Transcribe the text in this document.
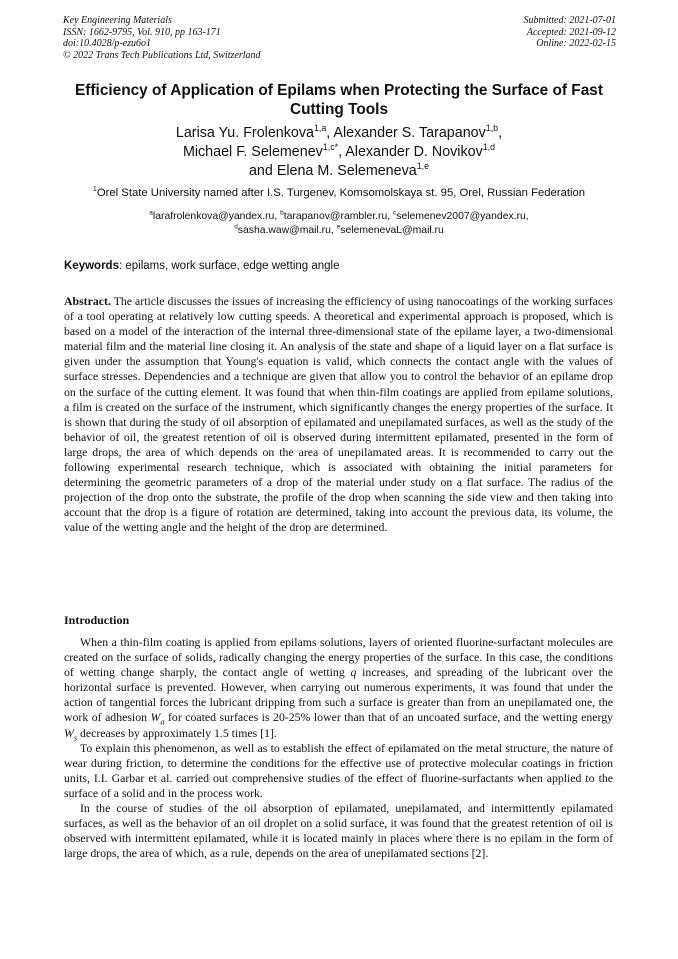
Key Engineering Materials
ISSN: 1662-9795, Vol. 910, pp 163-171
doi:10.4028/p-ezu6o1
© 2022 Trans Tech Publications Ltd, Switzerland
Submitted: 2021-07-01
Accepted: 2021-09-12
Online: 2022-02-15
Efficiency of Application of Epilams when Protecting the Surface of Fast
Cutting Tools
Larisa Yu. Frolenkova$^{1,a}$, Alexander S. Tarapanov$^{1,b}$,
Michael F. Selemenev$^{1,c*}$, Alexander D. Novikov$^{1,d}$
and Elena M. Selemeneva$^{1,e}$
$^1$Orel State University named after I.S. Turgenev, Komsomolskaya st. 95, Orel, Russian Federation
$^a$larafrolenkova@yandex.ru, $^b$tarapanov@rambler.ru, $^c$selemenev2007@yandex.ru,
$^d$sasha.waw@mail.ru, $^e$selemenevaL@mail.ru
Keywords: epilams, work surface, edge wetting angle
Abstract. The article discusses the issues of increasing the efficiency of using nanocoatings of the working surfaces of a tool operating at relatively low cutting speeds. A theoretical and experimental approach is proposed, which is based on a model of the interaction of the internal three-dimensional state of the epilame layer, a two-dimensional material film and the material line closing it. An analysis of the state and shape of a liquid layer on a flat surface is given under the assumption that Young's equation is valid, which connects the contact angle with the values of surface stresses. Dependencies and a technique are given that allow you to control the behavior of an epilame drop on the surface of the cutting element. It was found that when thin-film coatings are applied from epilame solutions, a film is created on the surface of the instrument, which significantly changes the energy properties of the surface. It is shown that during the study of oil absorption of epilamated and unepilamated surfaces, as well as the study of the behavior of oil, the greatest retention of oil is observed during intermittent epilamated, presented in the form of large drops, the area of which depends on the area of unepilamated areas. It is recommended to carry out the following experimental research technique, which is associated with obtaining the initial parameters for determining the geometric parameters of a drop of the material under study on a flat surface. The radius of the projection of the drop onto the substrate, the profile of the drop when scanning the side view and then taking into account that the drop is a figure of rotation are determined, taking into account the previous data, its volume, the value of the wetting angle and the height of the drop are determined.
Introduction

When a thin-film coating is applied from epilams solutions, layers of oriented fluorine-surfactant molecules are created on the surface of solids, radically changing the energy properties of the surface. In this case, the conditions of wetting change sharply, the contact angle of wetting q increases, and spreading of the lubricant over the horizontal surface is prevented. However, when carrying out numerous experiments, it was found that under the action of tangential forces the lubricant dripping from such a surface is greater than from an unepilamated one, the work of adhesion $W_a$ for coated surfaces is 20-25% lower than that of an uncoated surface, and the wetting energy $W_s$ decreases by approximately 1.5 times [1].

To explain this phenomenon, as well as to establish the effect of epilamated on the metal structure, the nature of wear during friction, to determine the conditions for the effective use of protective molecular coatings in friction units, I.I. Garbar et al. carried out comprehensive studies of the effect of fluorine-surfactants when applied to the surface of a solid and in the process work.

In the course of studies of the oil absorption of epilamated, unepilamated, and intermittently epilamated surfaces, as well as the behavior of an oil droplet on a solid surface, it was found that the greatest retention of oil is observed with intermittent epilamated, while it is located mainly in places where there is no epilam in the form of large drops, the area of which, as a rule, depends on the area of unepilamated sections [2].
